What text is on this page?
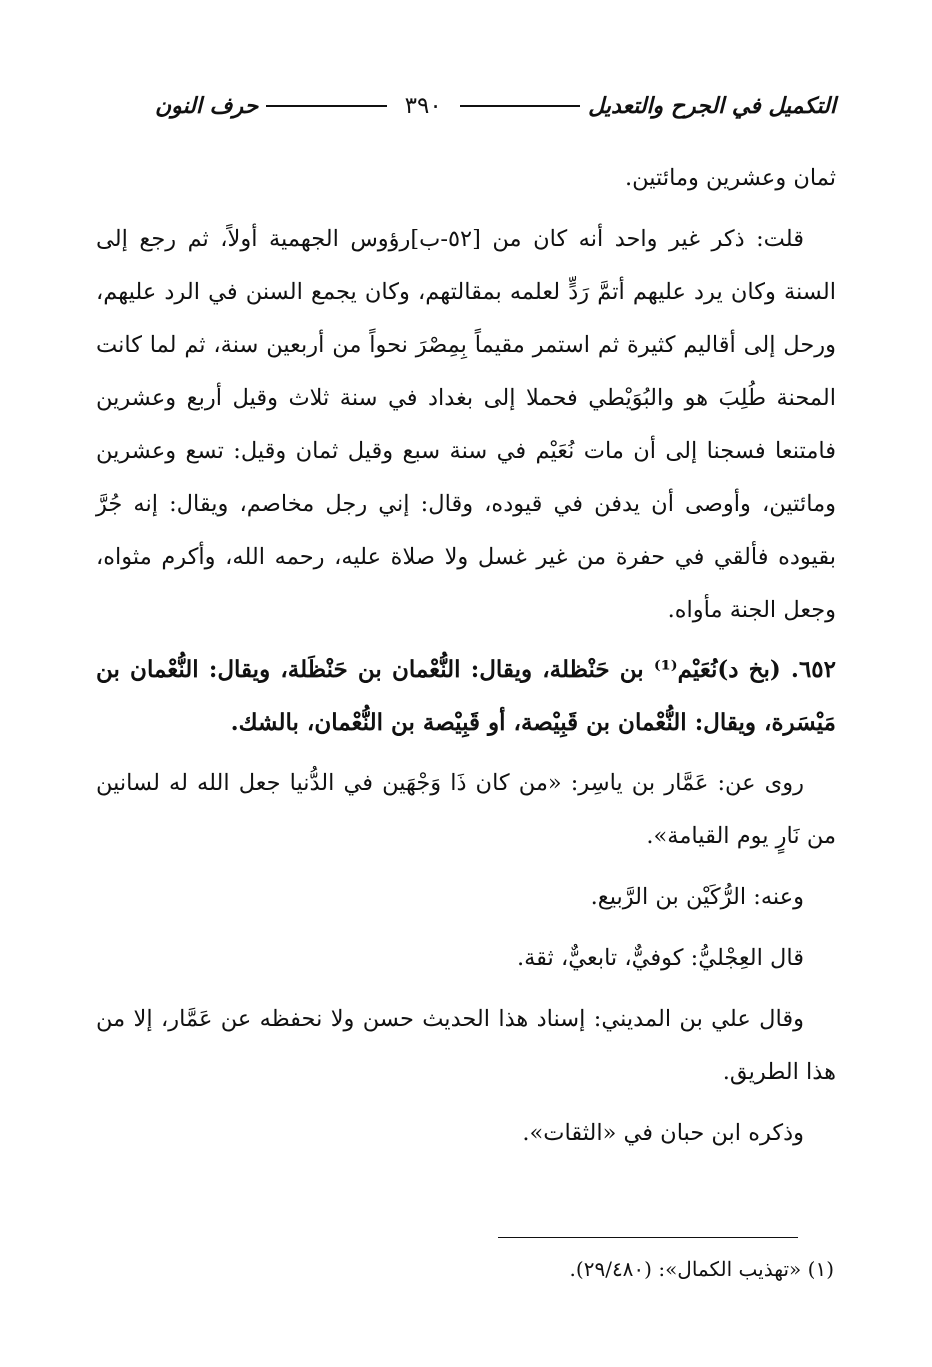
التكميل في الجرح والتعديل
٣٩٠
حرف النون

ثمان وعشرين ومائتين.

قلت: ذكر غير واحد أنه كان من [٥٢-ب]رؤوس الجهمية أولاً، ثم رجع إلى السنة وكان يرد عليهم أتمَّ رَدٍّ لعلمه بمقالتهم، وكان يجمع السنن في الرد عليهم، ورحل إلى أقاليم كثيرة ثم استمر مقيماً بِمِصْرَ نحواً من أربعين سنة، ثم لما كانت المحنة طُلِبَ هو والبُوَيْطي فحملا إلى بغداد في سنة ثلاث وقيل أربع وعشرين فامتنعا فسجنا إلى أن مات نُعَيْم في سنة سبع وقيل ثمان وقيل: تسع وعشرين ومائتين، وأوصى أن يدفن في قيوده، وقال: إني رجل مخاصم، ويقال: إنه جُرَّ بقيوده فألقي في حفرة من غير غسل ولا صلاة عليه، رحمه الله، وأكرم مثواه، وجعل الجنة مأواه.

٦٥٢. (بخ د)نُعَيْم⁽¹⁾ بن حَنْظلة، ويقال: النُّعْمان بن حَنْظَلة، ويقال: النُّعْمان بن مَيْسَرة، ويقال: النُّعْمان بن قَبِيْصة، أو قَبِيْصة بن النُّعْمان، بالشك.

روى عن: عَمَّار بن ياسِر: «من كان ذَا وَجْهَين في الدُّنيا جعل الله له لسانين من نَارٍ يوم القيامة».

وعنه: الرُّكَيْن بن الرَّبيع.

قال العِجْليُّ: كوفيٌّ، تابعيٌّ، ثقة.

وقال علي بن المديني: إسناد هذا الحديث حسن ولا نحفظه عن عَمَّار، إلا من هذا الطريق.

وذكره ابن حبان في «الثقات».

(١) «تهذيب الكمال»: (٢٩/٤٨٠).
